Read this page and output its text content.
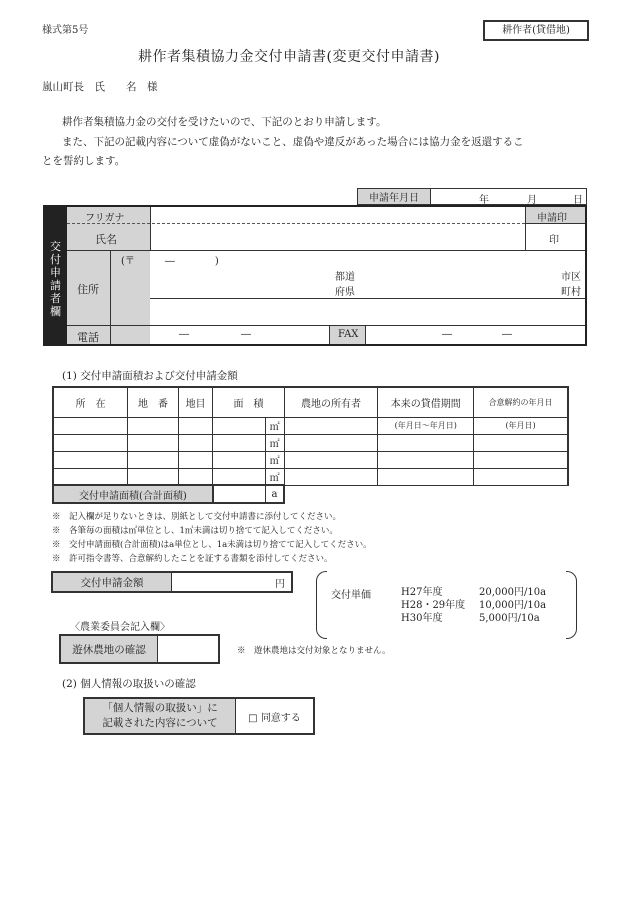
様式第5号	耕作者(貸借地)
耕作者集積協力金交付申請書(変更交付申請書)
嵐山町長　氏　　名　様
耕作者集積協力金の交付を受けたいので、下記のとおり申請します。
また、下記の記載内容について虚偽がないこと、虚偽や違反があった場合には協力金を返還するこ
とを誓約します。
申請年月日	年	月	日
交
付
申
請
者
欄
フリガナ	申請印
氏名	印
(〒　　　―　　　　)
住所
都道
府県
市区
町村
電話	―	―	FAX	―	―
(1) 交付申請面積および交付申請金額
所　在	地　番	地目	面　積		農地の所有者	本来の貸借期間	合意解約の年月日
				㎡		(年月日～年月日)	(年月日)
				㎡			
				㎡			
				㎡			
交付申請面積(合計面積)				a			
※　記入欄が足りないときは、別紙として交付申請書に添付してください。
※　各筆毎の面積は㎡単位とし、1㎡未満は切り捨てて記入してください。
※　交付申請面積(合計面積)はa単位とし、1a未満は切り捨てて記入してください。
※　許可指令書等、合意解約したことを証する書類を添付してください。
交付申請金額	円
交付単価	H27年度	20,000円/10a
H28・29年度 10,000円/10a
H30年度	5,000円/10a
〈農業委員会記入欄〉
遊休農地の確認		※　遊休農地は交付対象となりません。
(2) 個人情報の取扱いの確認
「個人情報の取扱い」に
記載された内容について	□ 同意する
